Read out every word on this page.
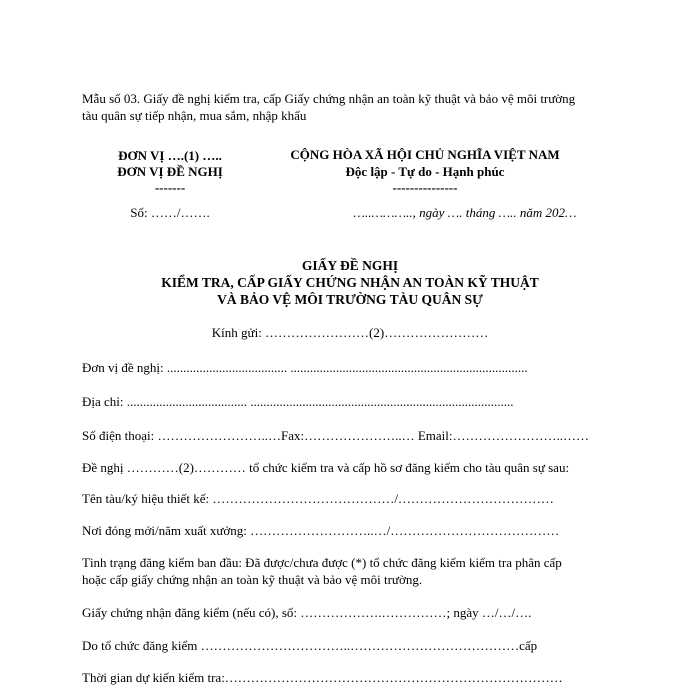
Mẫu số 03. Giấy đề nghị kiểm tra, cấp Giấy chứng nhận an toàn kỹ thuật và bảo vệ môi trường
tàu quân sự tiếp nhận, mua sắm, nhập khẩu
ĐƠN VỊ ….(1) …..
ĐƠN VỊ ĐỀ NGHỊ
-------
Số: ……/…….
CỘNG HÒA XÃ HỘI CHỦ NGHĨA VIỆT NAM
Độc lập - Tự do - Hạnh phúc
---------------
…..……….., ngày …. tháng ….. năm 202…
GIẤY ĐỀ NGHỊ
KIỂM TRA, CẤP GIẤY CHỨNG NHẬN AN TOÀN KỸ THUẬT
VÀ BẢO VỆ MÔI TRƯỜNG TÀU QUÂN SỰ
Kính gửi: ……………………(2)……………………
Đơn vị đề nghị: ..................................... .........................................................................
Địa chỉ: ..................................... .................................................................................
Số điện thoại: ……………………..…Fax:…………………..… Email:……………………..……
Đề nghị …………(2)………… tổ chức kiểm tra và cấp hồ sơ đăng kiểm cho tàu quân sự sau:
Tên tàu/ký hiệu thiết kế: ……………………………………/………………………………
Nơi đóng mới/năm xuất xưởng: ………………………..…/…………………………………
Tình trạng đăng kiểm ban đầu: Đã được/chưa được (*) tổ chức đăng kiểm kiểm tra phân cấp
hoặc cấp giấy chứng nhận an toàn kỹ thuật và bảo vệ môi trường.
Giấy chứng nhận đăng kiểm (nếu có), số: ……………….……………; ngày …/…/….
Do tổ chức đăng kiểm ……………………………..…………………………………cấp
Thời gian dự kiến kiểm tra:……………………………………………………………………
